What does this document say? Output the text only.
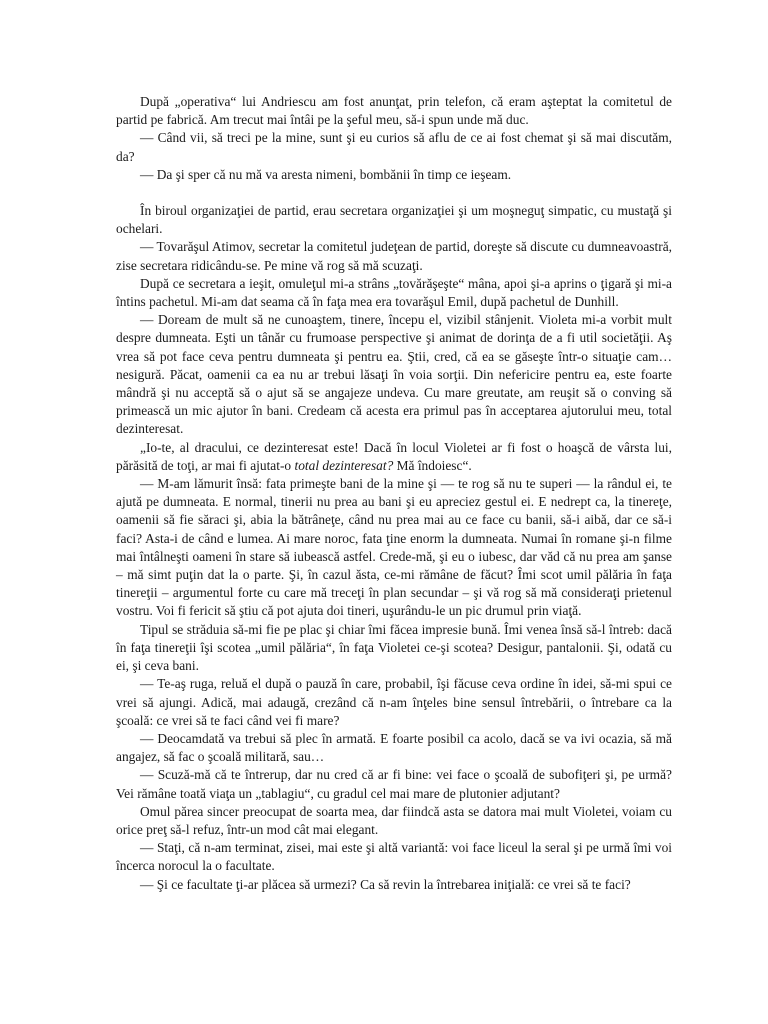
După „operativa“ lui Andriescu am fost anunţat, prin telefon, că eram aşteptat la comitetul de partid pe fabrică. Am trecut mai întâi pe la şeful meu, să-i spun unde mă duc.

— Când vii, să treci pe la mine, sunt şi eu curios să aflu de ce ai fost chemat şi să mai discutăm, da?

— Da şi sper că nu mă va aresta nimeni, bombănii în timp ce ieşeam.

În biroul organizaţiei de partid, erau secretara organizaţiei şi um moşneguţ simpatic, cu mustaţă şi ochelari.

— Tovarăşul Atimov, secretar la comitetul judeţean de partid, doreşte să discute cu dumneavoastră, zise secretara ridicându-se. Pe mine vă rog să mă scuzaţi.

După ce secretara a ieşit, omuleţul mi-a strâns „tovărăşeşte“ mâna, apoi şi-a aprins o ţigară şi mi-a întins pachetul. Mi-am dat seama că în faţa mea era tovarăşul Emil, după pachetul de Dunhill.

— Doream de mult să ne cunoaştem, tinere, începu el, vizibil stânjenit. Violeta mi-a vorbit mult despre dumneata. Eşti un tânăr cu frumoase perspective şi animat de dorinţa de a fi util societăţii. Aş vrea să pot face ceva pentru dumneata şi pentru ea. Ştii, cred, că ea se găseşte într-o situaţie cam… nesigură. Păcat, oamenii ca ea nu ar trebui lăsaţi în voia sorţii. Din nefericire pentru ea, este foarte mândră şi nu acceptă să o ajut să se angajeze undeva. Cu mare greutate, am reuşit să o conving să primească un mic ajutor în bani. Credeam că acesta era primul pas în acceptarea ajutorului meu, total dezinteresat.

„Io-te, al dracului, ce dezinteresat este! Dacă în locul Violetei ar fi fost o hoaşcă de vârsta lui, părăsită de toţi, ar mai fi ajutat-o total dezinteresat? Mă îndoiesc“.

— M-am lămurit însă: fata primeşte bani de la mine şi — te rog să nu te superi — la rândul ei, te ajută pe dumneata. E normal, tinerii nu prea au bani şi eu apreciez gestul ei. E nedrept ca, la tinereţe, oamenii să fie săraci şi, abia la bătrâneţe, când nu prea mai au ce face cu banii, să-i aibă, dar ce să-i faci? Asta-i de când e lumea. Ai mare noroc, fata ţine enorm la dumneata. Numai în romane şi-n filme mai întâlneşti oameni în stare să iubească astfel. Crede-mă, şi eu o iubesc, dar văd că nu prea am şanse – mă simt puţin dat la o parte. Şi, în cazul ăsta, ce-mi rămâne de făcut? Îmi scot umil pălăria în faţa tinereţii – argumentul forte cu care mă treceţi în plan secundar – şi vă rog să mă consideraţi prietenul vostru. Voi fi fericit să ştiu că pot ajuta doi tineri, uşurându-le un pic drumul prin viaţă.

Tipul se străduia să-mi fie pe plac şi chiar îmi făcea impresie bună. Îmi venea însă să-l întreb: dacă în faţa tinereţii îşi scotea „umil pălăria“, în faţa Violetei ce-şi scotea? Desigur, pantalonii. Şi, odată cu ei, şi ceva bani.

— Te-aş ruga, reluă el după o pauză în care, probabil, îşi făcuse ceva ordine în idei, să-mi spui ce vrei să ajungi. Adică, mai adaugă, crezând că n-am înţeles bine sensul întrebării, o întrebare ca la şcoală: ce vrei să te faci când vei fi mare?

— Deocamdată va trebui să plec în armată. E foarte posibil ca acolo, dacă se va ivi ocazia, să mă angajez, să fac o şcoală militară, sau…

— Scuză-mă că te întrerup, dar nu cred că ar fi bine: vei face o şcoală de subofiţeri şi, pe urmă? Vei rămâne toată viaţa un „tablagiu“, cu gradul cel mai mare de plutonier adjutant?

Omul părea sincer preocupat de soarta mea, dar fiindcă asta se datora mai mult Violetei, voiam cu orice preţ să-l refuz, într-un mod cât mai elegant.

— Staţi, că n-am terminat, zisei, mai este şi altă variantă: voi face liceul la seral şi pe urmă îmi voi încerca norocul la o facultate.

— Şi ce facultate ţi-ar plăcea să urmezi? Ca să revin la întrebarea iniţială: ce vrei să te faci?
